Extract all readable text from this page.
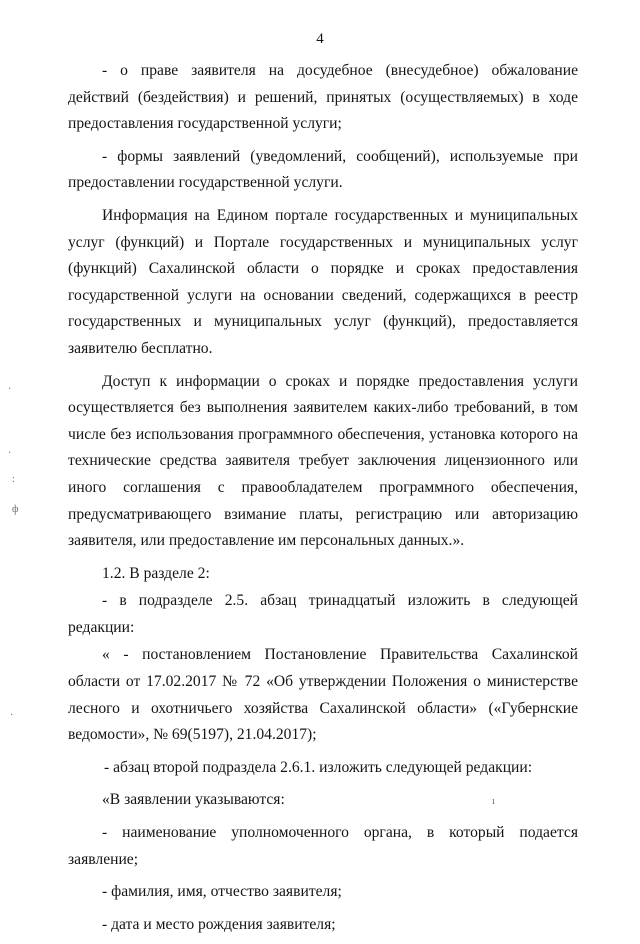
4

- о праве заявителя на досудебное (внесудебное) обжалование действий (бездействия) и решений, принятых (осуществляемых) в ходе предоставления государственной услуги;

- формы заявлений (уведомлений, сообщений), используемые при предоставлении государственной услуги.

Информация на Едином портале государственных и муниципальных услуг (функций) и Портале государственных и муниципальных услуг (функций) Сахалинской области о порядке и сроках предоставления государственной услуги на основании сведений, содержащихся в реестр государственных и муниципальных услуг (функций), предоставляется заявителю бесплатно.

Доступ к информации о сроках и порядке предоставления услуги осуществляется без выполнения заявителем каких-либо требований, в том числе без использования программного обеспечения, установка которого на технические средства заявителя требует заключения лицензионного или иного соглашения с правообладателем программного обеспечения, предусматривающего взимание платы, регистрацию или авторизацию заявителя, или предоставление им персональных данных.».

1.2. В разделе 2:

- в подразделе 2.5. абзац тринадцатый изложить в следующей редакции:

« - постановлением Постановление Правительства Сахалинской области от 17.02.2017 № 72 «Об утверждении Положения о министерстве лесного и охотничьего хозяйства Сахалинской области» («Губернские ведомости», № 69(5197), 21.04.2017);

- абзац второй подраздела 2.6.1. изложить следующей редакции:

«В заявлении указываются:

- наименование уполномоченного органа, в который подается заявление;

- фамилия, имя, отчество заявителя;

- дата и место рождения заявителя;

·
·
:
ф
·
ı
